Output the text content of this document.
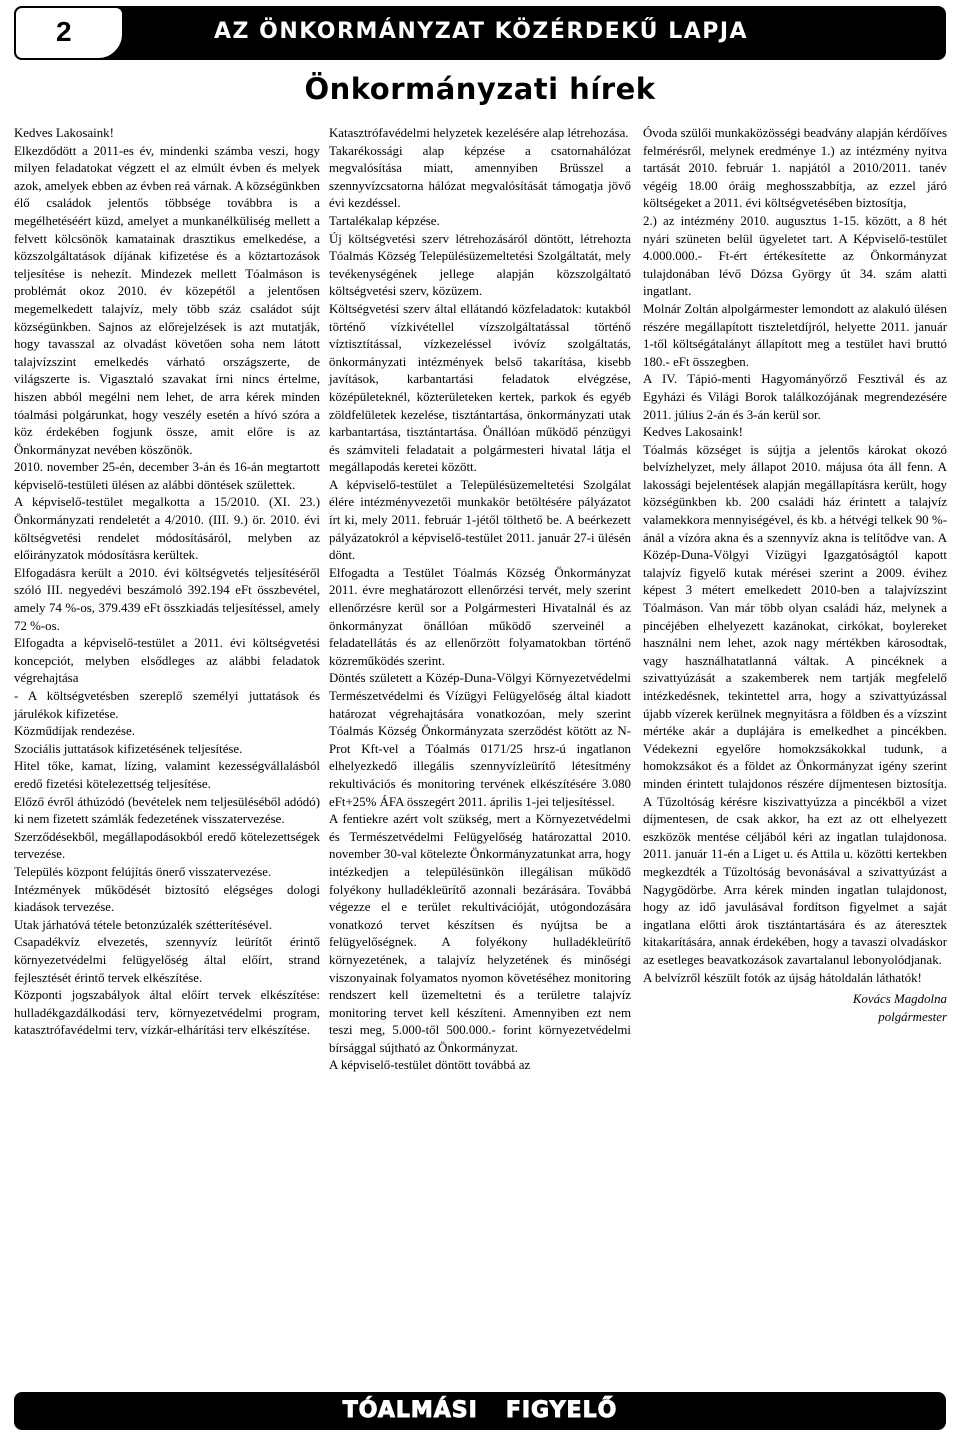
2	AZ ÖNKORMÁNYZAT KÖZÉRDEKŰ LAPJA
Önkormányzati hírek

Kedves Lakosaink!

Elkezdődött a 2011-es év, mindenki számba veszi, hogy milyen feladatokat végzett el az elmúlt évben és melyek azok, amelyek ebben az évben reá várnak. A községünkben élő családok jelentős többsége továbbra is a megélhetéséért küzd, amelyet a munkanélküliség mellett a felvett kölcsönök kamatainak drasztikus emelkedése, a közszolgáltatások díjának kifizetése és a köztartozások teljesítése is nehezít. Mindezek mellett Tóalmáson is problémát okoz 2010. év közepétől a jelentősen megemelkedett talajvíz, mely több száz családot sújt községünkben. Sajnos az előrejelzések is azt mutatják, hogy tavasszal az olvadást követően soha nem látott talajvízszint emelkedés várható országszerte, de világszerte is. Vigasztaló szavakat írni nincs értelme, hiszen abból megélni nem lehet, de arra kérek minden tóalmási polgárunkat, hogy veszély esetén a hívó szóra a köz érdekében fogjunk össze, amit előre is az Önkormányzat nevében köszönök.

2010. november 25-én, december 3-án és 16-án megtartott képviselő-testületi ülésen az alábbi döntések születtek.

A képviselő-testület megalkotta a 15/2010. (XI. 23.) Önkormányzati rendeletét a 4/2010. (III. 9.) ör. 2010. évi költségvetési rendelet módosításáról, melyben az előirányzatok módosításra kerültek.

Elfogadásra került a 2010. évi költségvetés teljesítéséről szóló III. negyedévi beszámoló 392.194 eFt összbevétel, amely 74 %-os, 379.439 eFt összkiadás teljesítéssel, amely 72 %-os.

Elfogadta a képviselő-testület a 2011. évi költségvetési koncepciót, melyben elsődleges az alábbi feladatok végrehajtása

- A költségvetésben szereplő személyi juttatások és járulékok kifizetése.

Közműdíjak rendezése.

Szociális juttatások kifizetésének teljesítése.

Hitel tőke, kamat, lízing, valamint kezességvállalásból eredő fizetési kötelezettség teljesítése.

Előző évről áthúzódó (bevételek nem teljesüléséből adódó) ki nem fizetett számlák fedezetének visszatervezése.

Szerződésekből, megállapodásokból eredő kötelezettségek tervezése.

Település központ felújítás önerő visszatervezése.

Intézmények működését biztosító elégséges dologi kiadások tervezése.

Utak járhatóvá tétele betonzúzalék szétterítésével.

Csapadékvíz elvezetés, szennyvíz leürítőt érintő környezetvédelmi felügyelőség által előírt, strand fejlesztését érintő tervek elkészítése.

Központi jogszabályok által előírt tervek elkészítése: hulladékgazdálkodási terv, környezetvédelmi program, katasztrófavédelmi terv, vízkár-elhárítási terv elkészítése.

Katasztrófavédelmi helyzetek kezelésére alap létrehozása.

Takarékossági alap képzése a csatornahálózat megvalósítása miatt, amennyiben Brüsszel a szennyvízcsatorna hálózat megvalósítását támogatja jövő évi kezdéssel.

Tartalékalap képzése.

Új költségvetési szerv létrehozásáról döntött, létrehozta Tóalmás Község Településüzemeltetési Szolgáltatát, mely tevékenységének jellege alapján közszolgáltató költségvetési szerv, közüzem.

Költségvetési szerv által ellátandó közfeladatok: kutakból történő vízkivétellel vízszolgáltatással történő víztisztítással, vízkezeléssel ivóvíz szolgáltatás, önkormányzati intézmények belső takarítása, kisebb javítások, karbantartási feladatok elvégzése, középületeknél, közterületeken kertek, parkok és egyéb zöldfelületek kezelése, tisztántartása, önkormányzati utak karbantartása, tisztántartása. Önállóan működő pénzügyi és számviteli feladatait a polgármesteri hivatal látja el megállapodás keretei között.

A képviselő-testület a Településüzemeltetési Szolgálat élére intézményvezetői munkakör betöltésére pályázatot írt ki, mely 2011. február 1-jétől tölthető be. A beérkezett pályázatokról a képviselő-testület 2011. január 27-i ülésén dönt.

Elfogadta a Testület Tóalmás Község Önkormányzat 2011. évre meghatározott ellenőrzési tervét, mely szerint ellenőrzésre kerül sor a Polgármesteri Hivatalnál és az önkormányzat önállóan működő szerveinél a feladatellátás és az ellenőrzött folyamatokban történő közreműködés szerint.

Döntés született a Közép-Duna-Völgyi Környezetvédelmi Természetvédelmi és Vízügyi Felügyelőség által kiadott határozat végrehajtására vonatkozóan, mely szerint Tóalmás Község Önkormányzata szerződést kötött az N-Prot Kft-vel a Tóalmás 0171/25 hrsz-ú ingatlanon elhelyezkedő illegális szennyvízleürítő létesítmény rekultivációs és monitoring tervének elkészítésére 3.080 eFt+25% ÁFA összegért 2011. április 1-jei teljesítéssel.

A fentiekre azért volt szükség, mert a Környezetvédelmi és Természetvédelmi Felügyelőség határozattal 2010. november 30-val kötelezte Önkormányzatunkat arra, hogy intézkedjen a településünkön illegálisan működő folyékony hulladékleürítő azonnali bezárására. Továbbá végezze el e terület rekultivációját, utógondozására vonatkozó tervet készítsen és nyújtsa be a felügyelőségnek. A folyékony hulladékleürítő környezetének, a talajvíz helyzetének és minőségi viszonyainak folyamatos nyomon követéséhez monitoring rendszert kell üzemeltetni és a területre talajvíz monitoring tervet kell készíteni. Amennyiben ezt nem teszi meg, 5.000-től 500.000.- forint környezetvédelmi bírsággal sújtható az Önkormányzat.

A képviselő-testület döntött továbbá az

Óvoda szülői munkaközösségi beadvány alapján kérdőíves felmérésről, melynek eredménye 1.) az intézmény nyitva tartását 2010. február 1. napjától a 2010/2011. tanév végéig 18.00 óráig meghosszabbítja, az ezzel járó költségeket a 2011. évi költségvetésében biztosítja,

2.) az intézmény 2010. augusztus 1-15. között, a 8 hét nyári szüneten belül ügyeletet tart. A Képviselő-testület 4.000.000.- Ft-ért értékesítette az Önkormányzat tulajdonában lévő Dózsa György út 34. szám alatti ingatlant.

Molnár Zoltán alpolgármester lemondott az alakuló ülésen részére megállapított tiszteletdíjról, helyette 2011. január 1-től költségátalányt állapított meg a testület havi bruttó 180.- eFt összegben.

A IV. Tápió-menti Hagyományőrző Fesztivál és az Egyházi és Világi Borok találkozójának megrendezésére 2011. július 2-án és 3-án kerül sor.

Kedves Lakosaink!

Tóalmás községet is sújtja a jelentős károkat okozó belvízhelyzet, mely állapot 2010. májusa óta áll fenn. A lakossági bejelentések alapján megállapításra került, hogy községünkben kb. 200 családi ház érintett a talajvíz valamekkora mennyiségével, és kb. a hétvégi telkek 90 %-ánál a vízóra akna és a szennyvíz akna is telítődve van. A Közép-Duna-Völgyi Vízügyi Igazgatóságtól kapott talajvíz figyelő kutak mérései szerint a 2009. évihez képest 3 métert emelkedett 2010-ben a talajvízszint Tóalmáson. Van már több olyan családi ház, melynek a pincéjében elhelyezett kazánokat, cirkókat, boylereket használni nem lehet, azok nagy mértékben károsodtak, vagy használhatatlanná váltak. A pincéknek a szivattyúzását a szakemberek nem tartják megfelelő intézkedésnek, tekintettel arra, hogy a szivattyúzással újabb vízerek kerülnek megnyitásra a földben és a vízszint mértéke akár a duplájára is emelkedhet a pincékben. Védekezni egyelőre homokzsákokkal tudunk, a homokzsákot és a földet az Önkormányzat igény szerint minden érintett tulajdonos részére díjmentesen biztosítja. A Tűzoltóság kérésre kiszivattyúzza a pincékből a vizet díjmentesen, de csak akkor, ha ezt az ott elhelyezett eszközök mentése céljából kéri az ingatlan tulajdonosa. 2011. január 11-én a Liget u. és Attila u. közötti kertekben megkezdték a Tűzoltóság bevonásával a szivattyúzást a Nagygödörbe. Arra kérek minden ingatlan tulajdonost, hogy az idő javulásával fordítson figyelmet a saját ingatlana előtti árok tisztántartására és az áteresztek kitakarítására, annak érdekében, hogy a tavaszi olvadáskor az esetleges beavatkozások zavartalanul lebonyolódjanak.

A belvízről készült fotók az újság hátoldalán láthatók!

Kovács Magdolna

polgármester

TÓALMÁSI FIGYELŐ
